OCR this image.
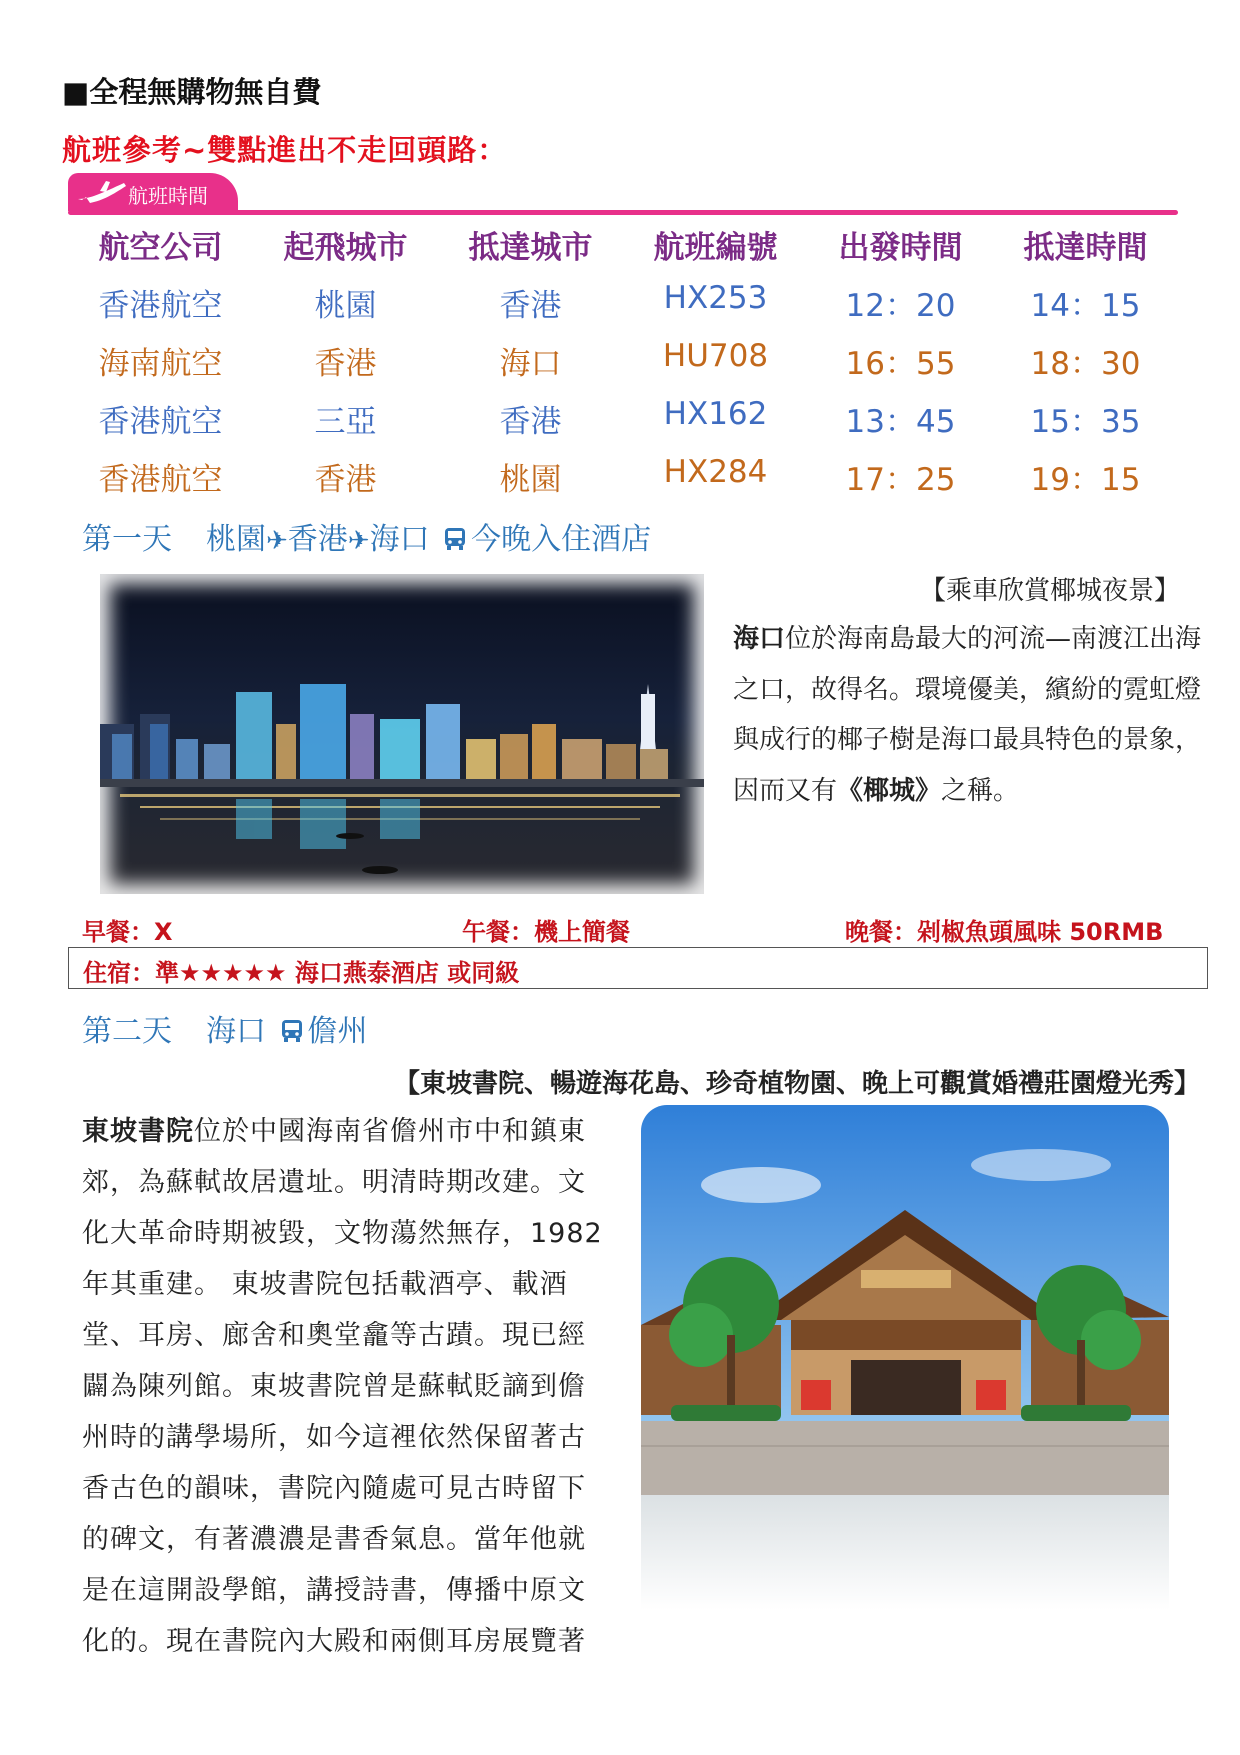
■全程無購物無自費
航班參考~雙點進出不走回頭路：
航班時間
航空公司	起飛城市	抵達城市	航班編號	出發時間	抵達時間
香港航空	桃園	香港	HX253	12：20	14：15
海南航空	香港	海口	HU708	16：55	18：30
香港航空	三亞	香港	HX162	13：45	15：35
香港航空	香港	桃園	HX284	17：25	19：15
第一天 桃園✈香港✈海口 今晚入住酒店
【乘車欣賞椰城夜景】
海口位於海南島最大的河流—南渡江出海之口，故得名。環境優美，繽紛的霓虹燈與成行的椰子樹是海口最具特色的景象，因而又有《椰城》之稱。
早餐：X	午餐：機上簡餐	晚餐：剁椒魚頭風味 50RMB
住宿：準★★★★★ 海口燕泰酒店 或同級
第二天 海口 儋州
【東坡書院、暢遊海花島、珍奇植物園、晚上可觀賞婚禮莊園燈光秀】
東坡書院位於中國海南省儋州市中和鎮東郊，為蘇軾故居遺址。明清時期改建。文化大革命時期被毀，文物蕩然無存，1982年其重建。 東坡書院包括載酒亭、載酒堂、耳房、廊舍和奧堂龕等古蹟。現已經闢為陳列館。東坡書院曾是蘇軾貶謫到儋州時的講學場所，如今這裡依然保留著古香古色的韻味，書院內隨處可見古時留下的碑文，有著濃濃是書香氣息。當年他就是在這開設學館，講授詩書，傳播中原文化的。現在書院內大殿和兩側耳房展覽著
